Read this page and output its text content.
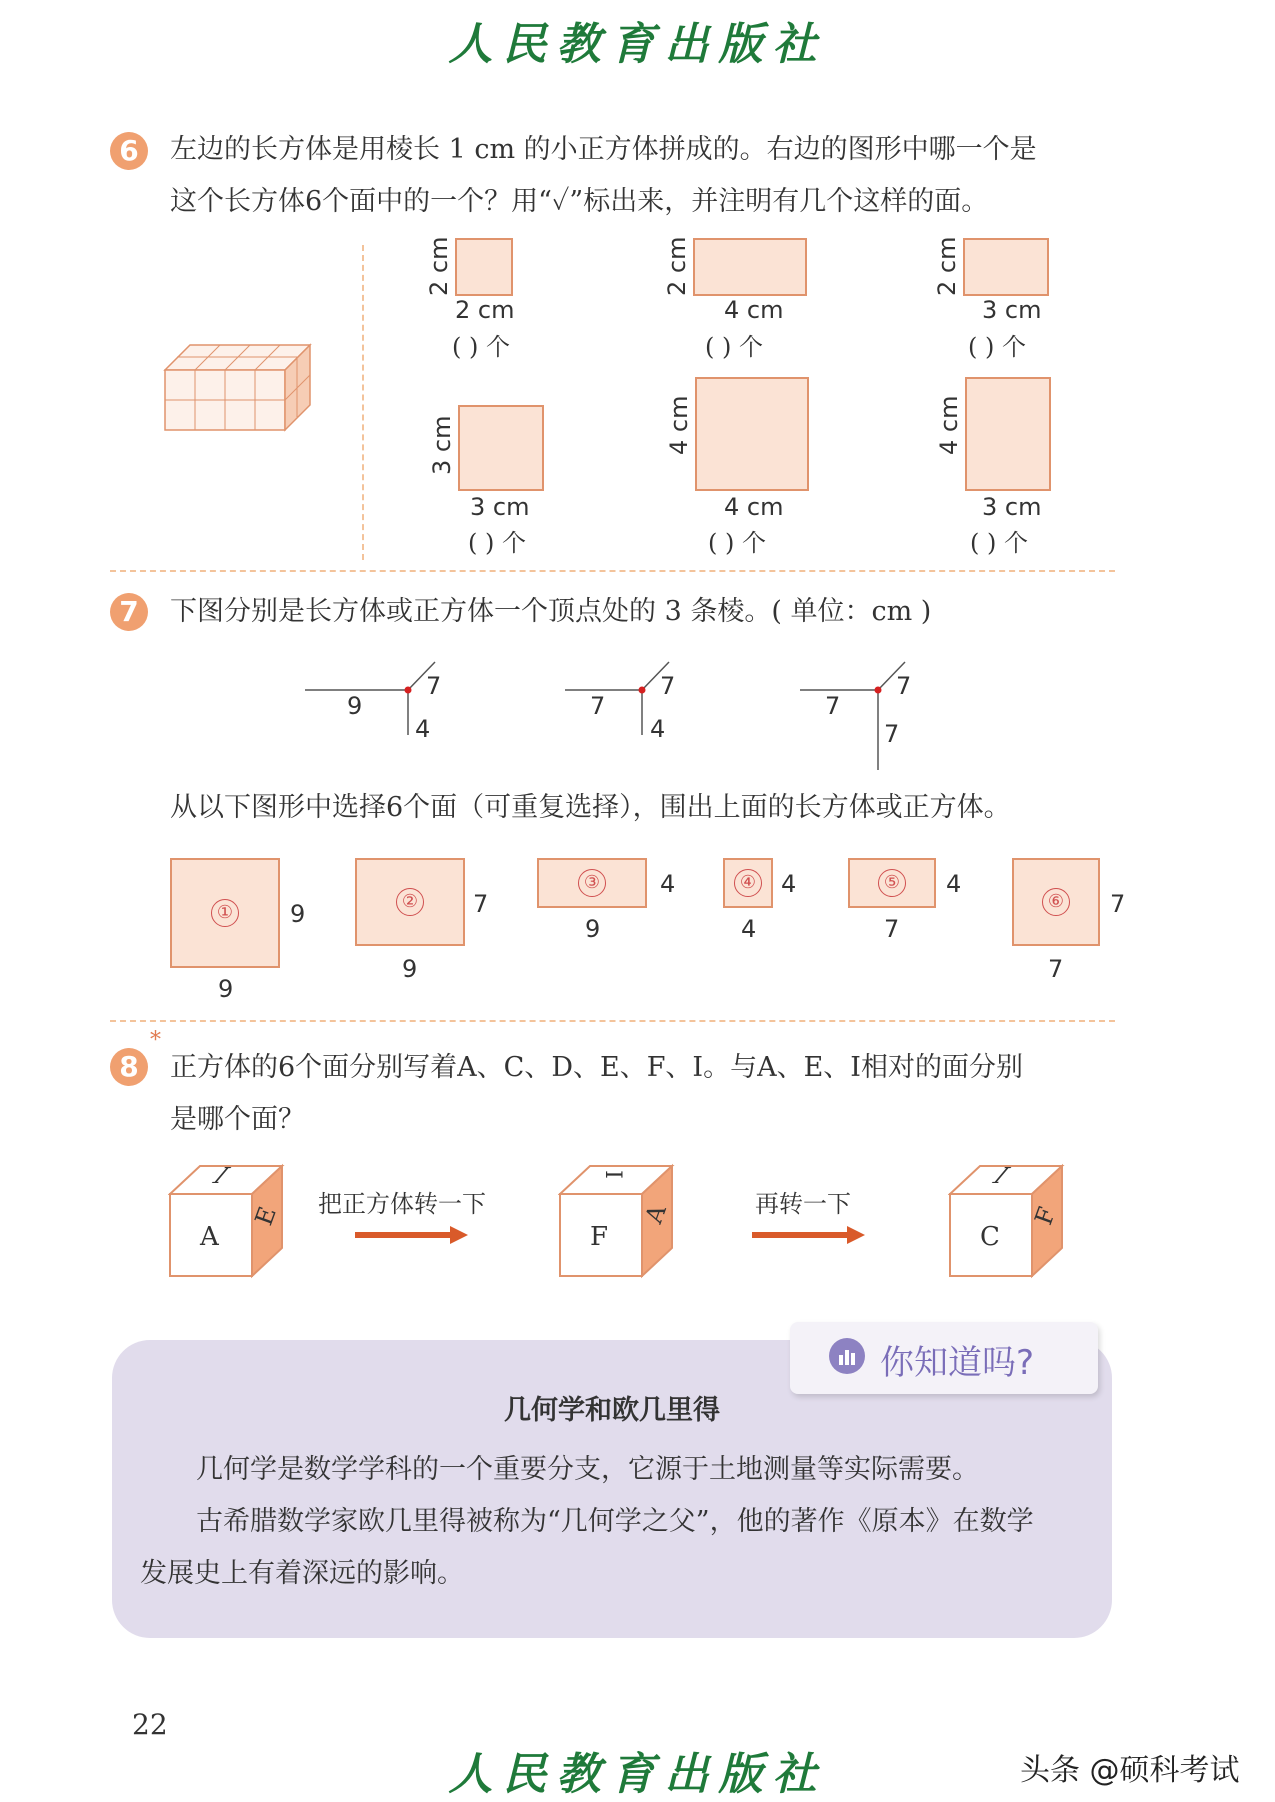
人民教育出版社
6	左边的长方体是用棱长 1 cm 的小正方体拼成的。右边的图形中哪一个是
这个长方体6个面中的一个？用“✓”标出来，并注明有几个这样的面。
2 cm
2 cm
( ) 个
2 cm
4 cm
( ) 个
2 cm
3 cm
( ) 个
3 cm
3 cm
( ) 个
4 cm
4 cm
( ) 个
4 cm
3 cm
( ) 个
7	下图分别是长方体或正方体一个顶点处的 3 条棱。( 单位：cm )
9
7
4
7
7
4
7
7
7
从以下图形中选择6个面（可重复选择），围出上面的长方体或正方体。
① 9
9
② 7
9
③ 4
9
④ 4
4
⑤ 4
7
⑥ 7
7
8
*
正方体的6个面分别写着A、C、D、E、F、I。与A、E、I相对的面分别
是哪个面？
A
I
E 把正方体转一下
F
I
A	再转一下
C
I
F
你知道吗?
几何学和欧几里得
几何学是数学学科的一个重要分支，它源于土地测量等实际需要。
古希腊数学家欧几里得被称为“几何学之父”，他的著作《原本》在数学
发展史上有着深远的影响。
22
人民教育出版社	头条 @硕科考试
